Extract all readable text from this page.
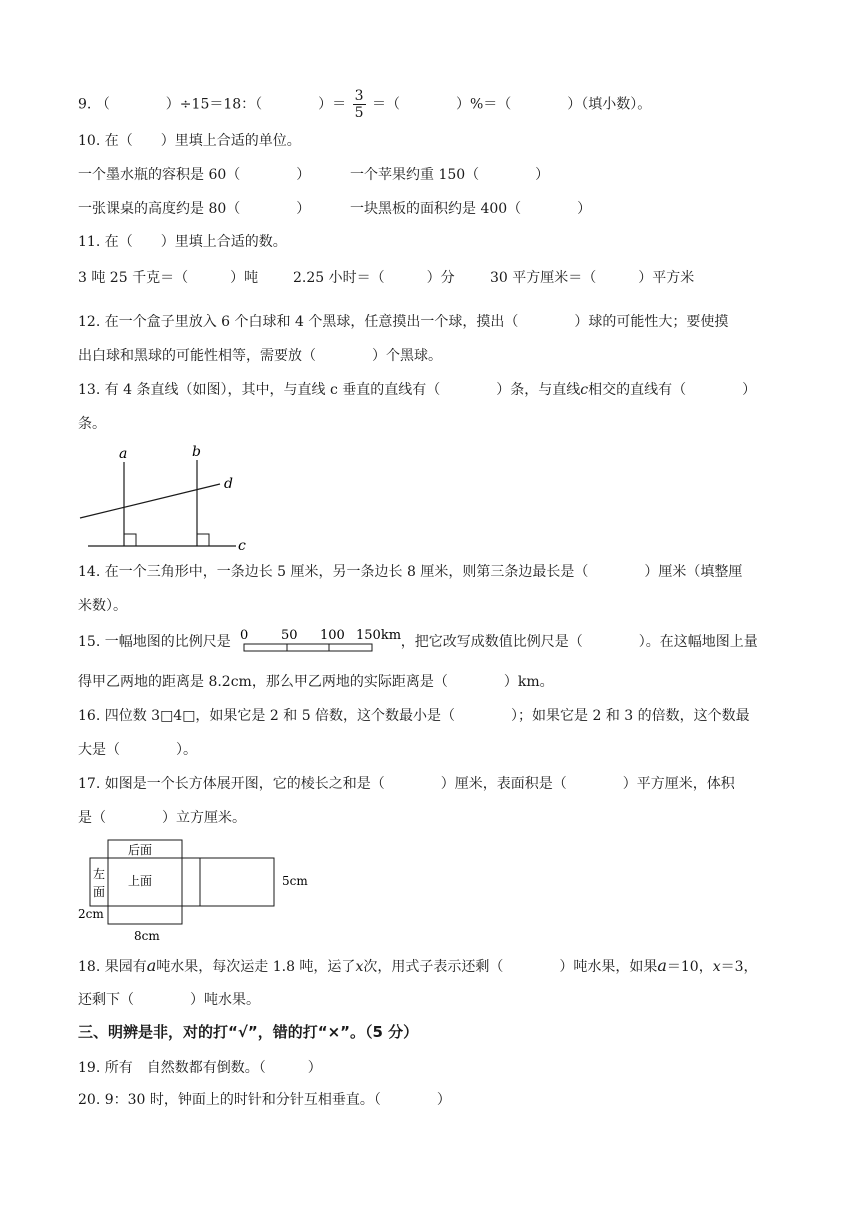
9. （　　　　）÷15＝18：（　　　　）＝ $\frac{3}{5}$ ＝（　　　　）%＝（　　　　）（填小数）。
10. 在（　　）里填上合适的单位。
一个墨水瓶的容积是 60（　　　　）	一个苹果约重 150（　　　　）
一张课桌的高度约是 80（　　　　）	一块黑板的面积约是 400（　　　　）
11. 在（　　）里填上合适的数。
3 吨 25 千克＝（　　　）吨 2.25 小时＝（　　　）分	30 平方厘米＝（　　　）平方米
12. 在一个盒子里放入 6 个白球和 4 个黑球，任意摸出一个球，摸出（　　　　）球的可能性大；要使摸
出白球和黑球的可能性相等，需要放（　　　　）个黑球。
13. 有 4 条直线（如图），其中，与直线 c 垂直的直线有（　　　　）条，与直线c相交的直线有（　　　　）
条。
a	b
d
c
14. 在一个三角形中，一条边长 5 厘米，另一条边长 8 厘米，则第三条边最长是（　　　　）厘米（填整厘
米数）。
15. 一幅地图的比例尺是	，把它改写成数值比例尺是（　　　　）。在这幅地图上量
0	50 100 150km
得甲乙两地的距离是 8.2cm，那么甲乙两地的实际距离是（　　　　）km。
16. 四位数 3□4□，如果它是 2 和 5 倍数，这个数最小是（　　　　）；如果它是 2 和 3 的倍数，这个数最
大是（　　　　）。
17. 如图是一个长方体展开图，它的棱长之和是（　　　　）厘米，表面积是（　　　　）平方厘米，体积
是（　　　　）立方厘米。
后面
左
面
上面	5cm
2cm
8cm
18. 果园有a吨水果，每次运走 1.8 吨，运了x次，用式子表示还剩（　　　　）吨水果，如果a＝10，x＝3，
还剩下（　　　　）吨水果。
三、明辨是非，对的打“√”，错的打“×”。（5 分）
19. 所有　自然数都有倒数。（　　　）
20. 9：30 时，钟面上的时针和分针互相垂直。（　　　　）
